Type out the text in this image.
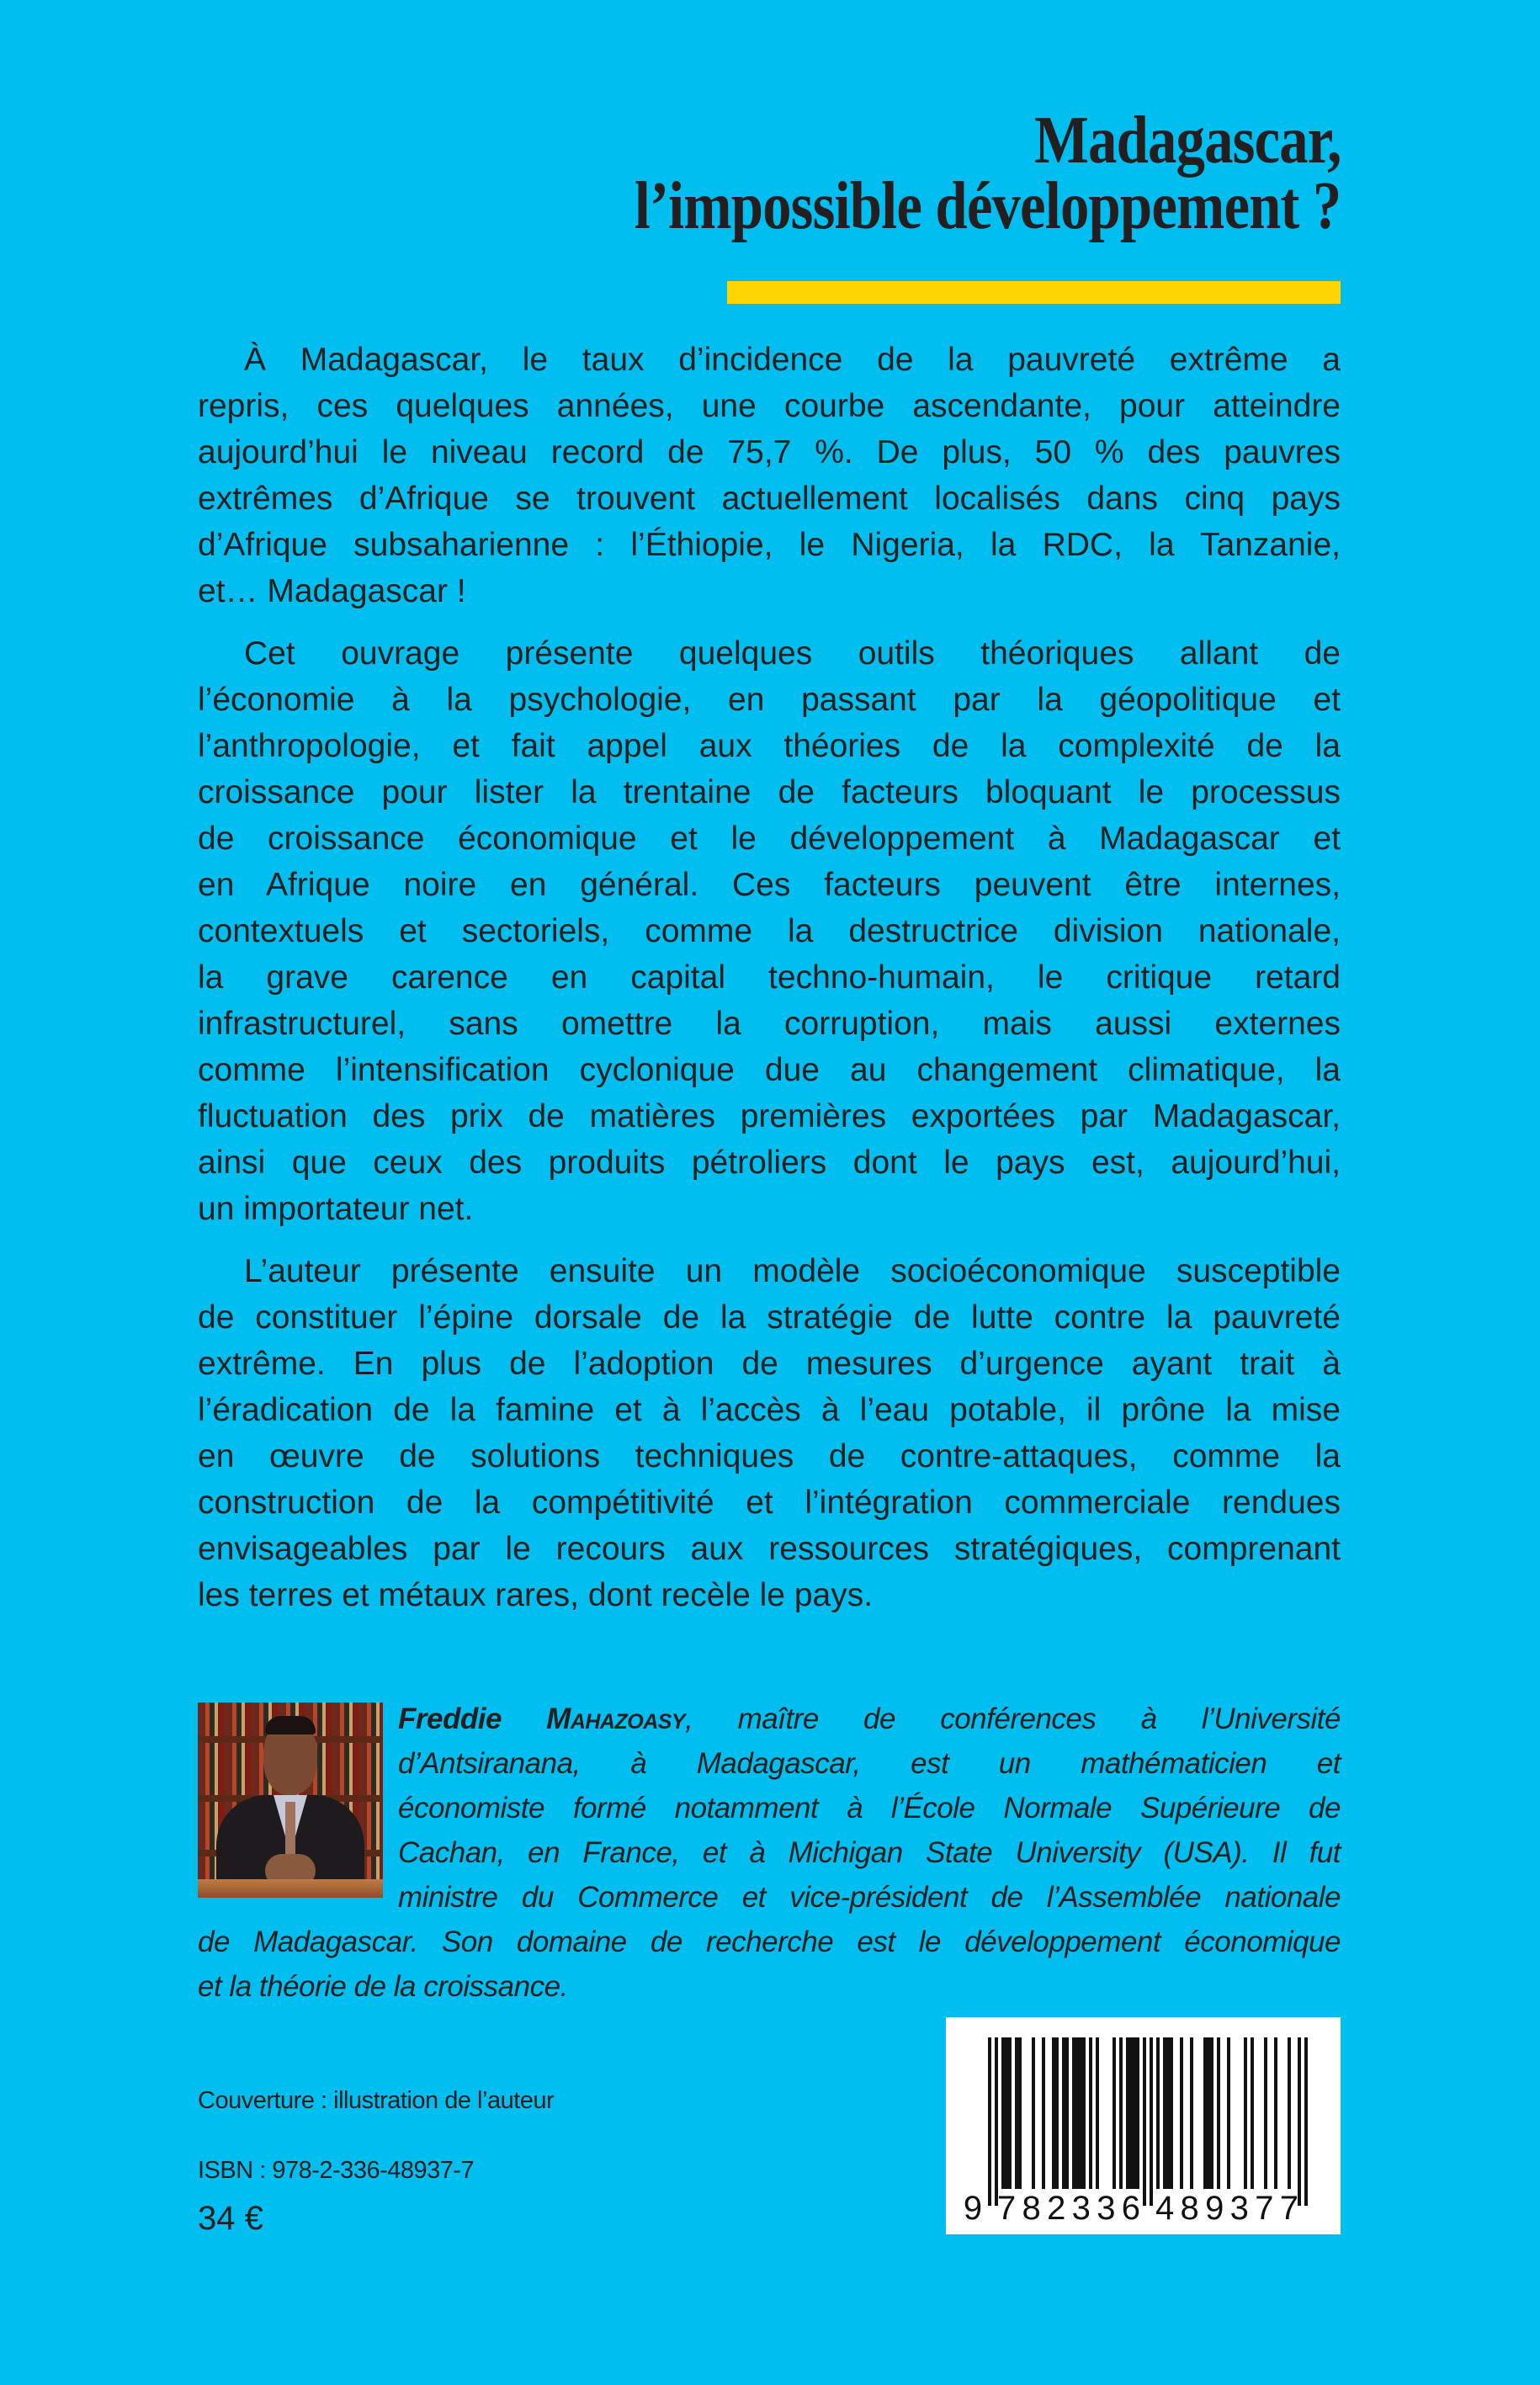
Madagascar,
l’impossible développement ?
À Madagascar, le taux d’incidence de la pauvreté extrême a
repris, ces quelques années, une courbe ascendante, pour atteindre
aujourd’hui le niveau record de 75,7 %. De plus, 50 % des pauvres
extrêmes d’Afrique se trouvent actuellement localisés dans cinq pays
d’Afrique subsaharienne : l’Éthiopie, le Nigeria, la RDC, la Tanzanie,
et… Madagascar !
Cet ouvrage présente quelques outils théoriques allant de
l’économie à la psychologie, en passant par la géopolitique et
l’anthropologie, et fait appel aux théories de la complexité de la
croissance pour lister la trentaine de facteurs bloquant le processus
de croissance économique et le développement à Madagascar et
en Afrique noire en général. Ces facteurs peuvent être internes,
contextuels et sectoriels, comme la destructrice division nationale,
la grave carence en capital techno-humain, le critique retard
infrastructurel, sans omettre la corruption, mais aussi externes
comme l’intensification cyclonique due au changement climatique, la
fluctuation des prix de matières premières exportées par Madagascar,
ainsi que ceux des produits pétroliers dont le pays est, aujourd’hui,
un importateur net.
L’auteur présente ensuite un modèle socioéconomique susceptible
de constituer l’épine dorsale de la stratégie de lutte contre la pauvreté
extrême. En plus de l’adoption de mesures d’urgence ayant trait à
l’éradication de la famine et à l’accès à l’eau potable, il prône la mise
en œuvre de solutions techniques de contre-attaques, comme la
construction de la compétitivité et l’intégration commerciale rendues
envisageables par le recours aux ressources stratégiques, comprenant
les terres et métaux rares, dont recèle le pays.
Freddie Mahazoasy, maître de conférences à l’Université
d’Antsiranana, à Madagascar, est un mathématicien et
économiste formé notamment à l’École Normale Supérieure de
Cachan, en France, et à Michigan State University (USA). Il fut
ministre du Commerce et vice-président de l’Assemblée nationale
de Madagascar. Son domaine de recherche est le développement économique
et la théorie de la croissance.
Couverture : illustration de l’auteur
ISBN : 978-2-336-48937-7
34 €	9 782336 489377
